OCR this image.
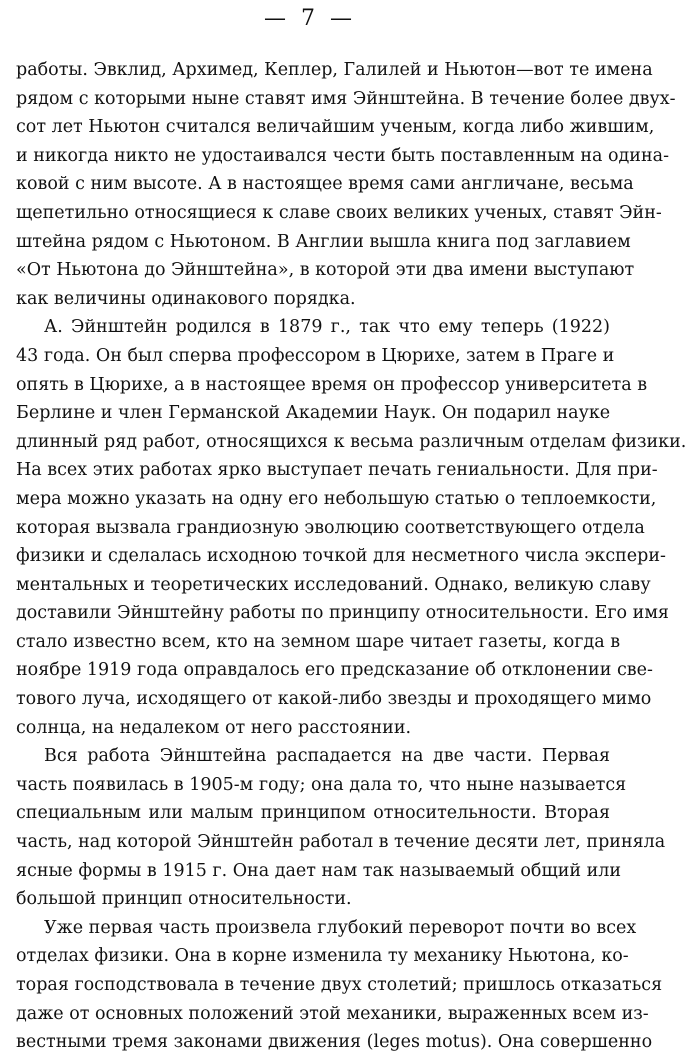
— 7 —
работы. Эвклид, Архимед, Кеплер, Галилей и Ньютон—вот те имена
рядом с которыми ныне ставят имя Эйнштейна. В течение более двух-
сот лет Ньютон считался величайшим ученым, когда либо жившим,
и никогда никто не удостаивался чести быть поставленным на одина-
ковой с ним высоте. А в настоящее время сами англичане, весьма
щепетильно относящиеся к славе своих великих ученых, ставят Эйн-
штейна рядом с Ньютоном. В Англии вышла книга под заглавием
«От Ньютона до Эйнштейна», в которой эти два имени выступают
как величины одинакового порядка.
А. Эйнштейн родился в 1879 г., так что ему теперь (1922)
43 года. Он был сперва профессором в Цюрихе, затем в Праге и
опять в Цюрихе, а в настоящее время он профессор университета в
Берлине и член Германской Академии Наук. Он подарил науке
длинный ряд работ, относящихся к весьма различным отделам физики.
На всех этих работах ярко выступает печать гениальности. Для при-
мера можно указать на одну его небольшую статью о теплоемкости,
которая вызвала грандиозную эволюцию соответствующего отдела
физики и сделалась исходною точкой для несметного числа экспери-
ментальных и теоретических исследований. Однако, великую славу
доставили Эйнштейну работы по принципу относительности. Его имя
стало известно всем, кто на земном шаре читает газеты, когда в
ноябре 1919 года оправдалось его предсказание об отклонении све-
тового луча, исходящего от какой-либо звезды и проходящего мимо
солнца, на недалеком от него расстоянии.
Вся работа Эйнштейна распадается на две части. Первая
часть появилась в 1905-м году; она дала то, что ныне называется
специальным или малым принципом относительности. Вторая
часть, над которой Эйнштейн работал в течение десяти лет, приняла
ясные формы в 1915 г. Она дает нам так называемый общий или
большой принцип относительности.
Уже первая часть произвела глубокий переворот почти во всех
отделах физики. Она в корне изменила ту механику Ньютона, ко-
торая господствовала в течение двух столетий; пришлось отказаться
даже от основных положений этой механики, выраженных всем из-
вестными тремя законами движения (leges motus). Она совершенно
